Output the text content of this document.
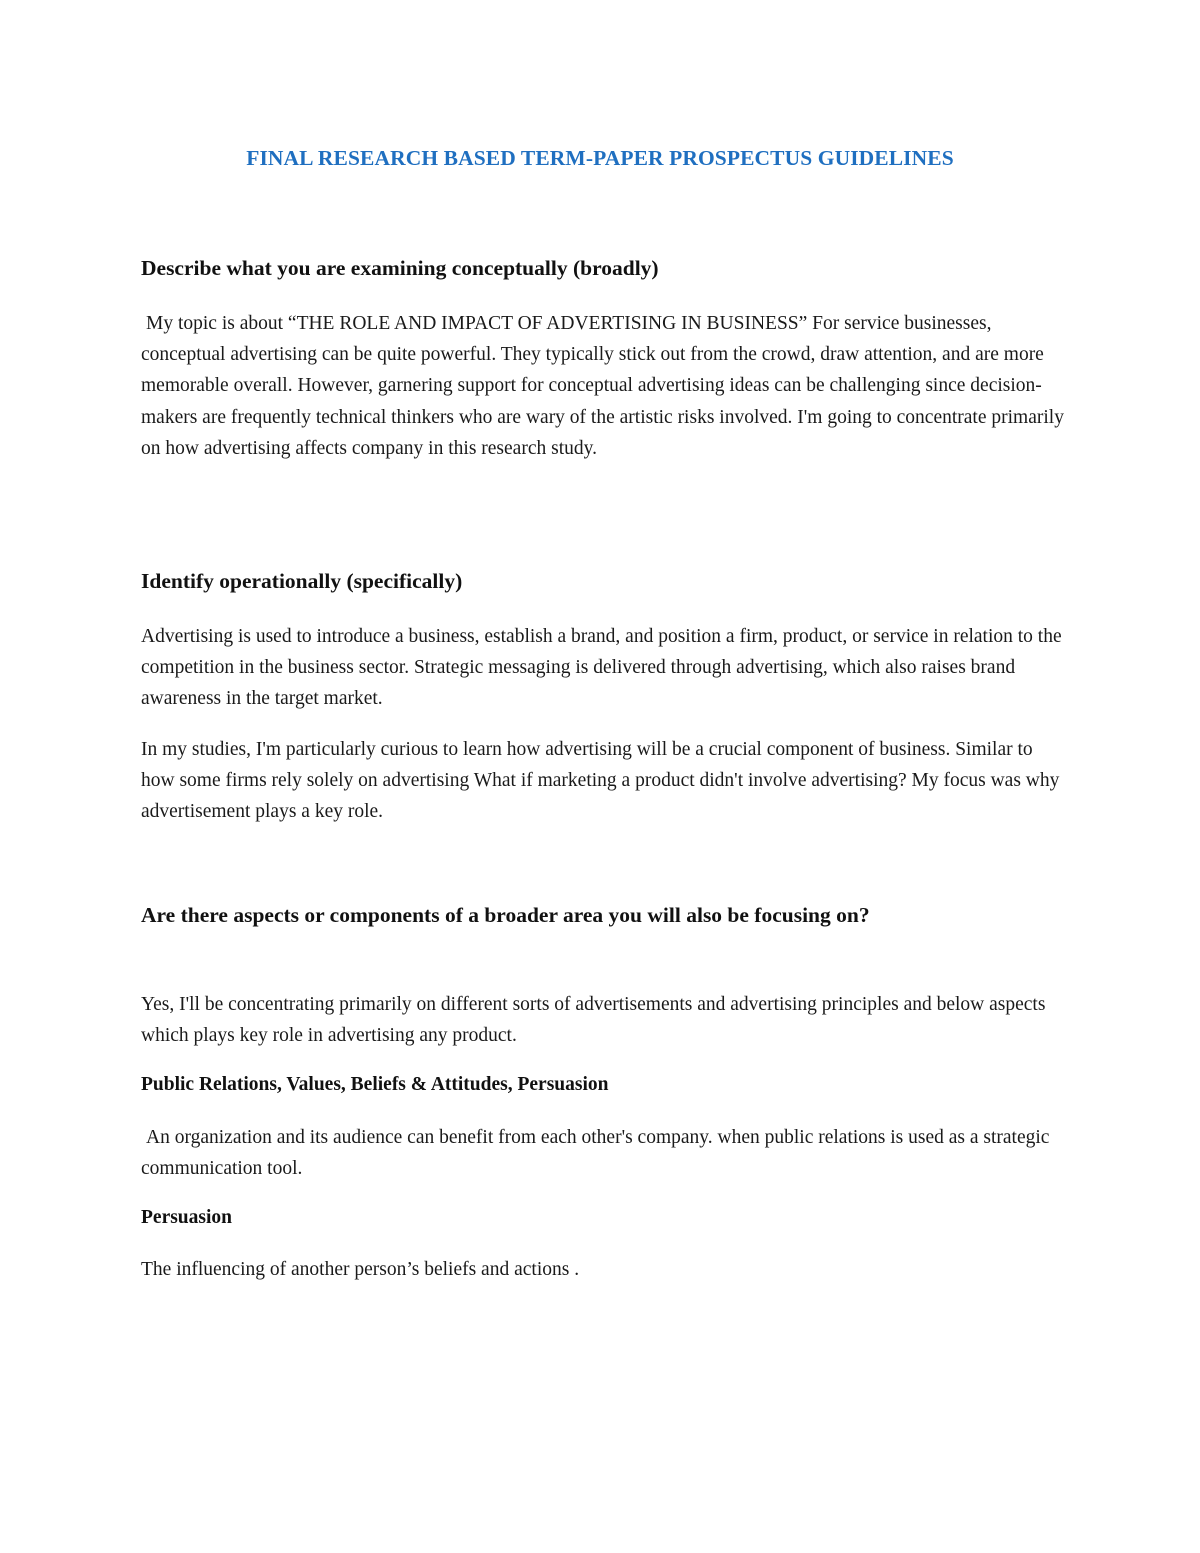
FINAL RESEARCH BASED TERM-PAPER PROSPECTUS GUIDELINES
Describe what you are examining conceptually (broadly)

My topic is about “THE ROLE AND IMPACT OF ADVERTISING IN BUSINESS” For service businesses, conceptual advertising can be quite powerful. They typically stick out from the crowd, draw attention, and are more memorable overall. However, garnering support for conceptual advertising ideas can be challenging since decision-makers are frequently technical thinkers who are wary of the artistic risks involved. I'm going to concentrate primarily on how advertising affects company in this research study.

Identify operationally (specifically)

Advertising is used to introduce a business, establish a brand, and position a firm, product, or service in relation to the competition in the business sector. Strategic messaging is delivered through advertising, which also raises brand awareness in the target market.

In my studies, I'm particularly curious to learn how advertising will be a crucial component of business. Similar to how some firms rely solely on advertising What if marketing a product didn't involve advertising? My focus was why advertisement plays a key role.

Are there aspects or components of a broader area you will also be focusing on?

Yes, I'll be concentrating primarily on different sorts of advertisements and advertising principles and below aspects which plays key role in advertising any product.

Public Relations, Values, Beliefs & Attitudes, Persuasion

An organization and its audience can benefit from each other's company. when public relations is used as a strategic communication tool.

Persuasion

The influencing of another person’s beliefs and actions .
